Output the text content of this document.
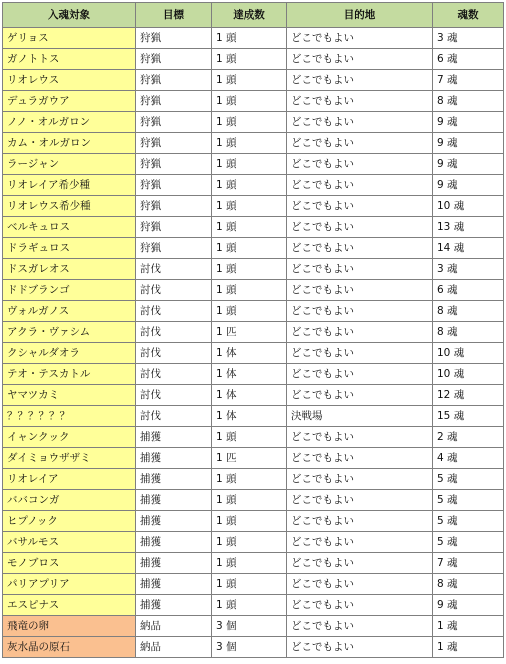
入魂対象	目標	達成数	目的地	魂数
ゲリョス	狩猟	1 頭	どこでもよい	3 魂
ガノトトス	狩猟	1 頭	どこでもよい	6 魂
リオレウス	狩猟	1 頭	どこでもよい	7 魂
デュラガウア	狩猟	1 頭	どこでもよい	8 魂
ノノ・オルガロン	狩猟	1 頭	どこでもよい	9 魂
カム・オルガロン	狩猟	1 頭	どこでもよい	9 魂
ラージャン	狩猟	1 頭	どこでもよい	9 魂
リオレイア希少種	狩猟	1 頭	どこでもよい	9 魂
リオレウス希少種	狩猟	1 頭	どこでもよい	10 魂
ベルキュロス	狩猟	1 頭	どこでもよい	13 魂
ドラギュロス	狩猟	1 頭	どこでもよい	14 魂
ドスガレオス	討伐	1 頭	どこでもよい	3 魂
ドドブランゴ	討伐	1 頭	どこでもよい	6 魂
ヴォルガノス	討伐	1 頭	どこでもよい	8 魂
アクラ・ヴァシム	討伐	1 匹	どこでもよい	8 魂
クシャルダオラ	討伐	1 体	どこでもよい	10 魂
テオ・テスカトル	討伐	1 体	どこでもよい	10 魂
ヤマツカミ	討伐	1 体	どこでもよい	12 魂
？？？？？？	討伐	1 体	決戦場	15 魂
イャンクック	捕獲	1 頭	どこでもよい	2 魂
ダイミョウザザミ	捕獲	1 匹	どこでもよい	4 魂
リオレイア	捕獲	1 頭	どこでもよい	5 魂
ババコンガ	捕獲	1 頭	どこでもよい	5 魂
ヒプノック	捕獲	1 頭	どこでもよい	5 魂
バサルモス	捕獲	1 頭	どこでもよい	5 魂
モノブロス	捕獲	1 頭	どこでもよい	7 魂
パリアプリア	捕獲	1 頭	どこでもよい	8 魂
エスピナス	捕獲	1 頭	どこでもよい	9 魂
飛竜の卵	納品	3 個	どこでもよい	1 魂
灰水晶の原石	納品	3 個	どこでもよい	1 魂
